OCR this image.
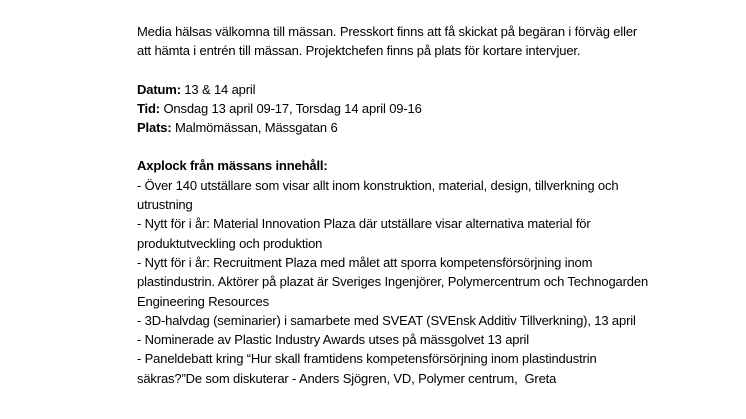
Media hälsas välkomna till mässan. Presskort finns att få skickat på begäran i förväg eller att hämta i entrén till mässan. Projektchefen finns på plats för kortare intervjuer.

Datum: 13 & 14 april

Tid: Onsdag 13 april 09-17, Torsdag 14 april 09-16

Plats: Malmömässan, Mässgatan 6

Axplock från mässans innehåll:

- Över 140 utställare som visar allt inom konstruktion, material, design, tillverkning och utrustning

- Nytt för i år: Material Innovation Plaza där utställare visar alternativa material för produktutveckling och produktion

- Nytt för i år: Recruitment Plaza med målet att sporra kompetensförsörjning inom plastindustrin. Aktörer på plazat är Sveriges Ingenjörer, Polymercentrum och Technogarden Engineering Resources

- 3D-halvdag (seminarier) i samarbete med SVEAT (SVEnsk Additiv Tillverkning), 13 april

- Nominerade av Plastic Industry Awards utses på mässgolvet 13 april

- Paneldebatt kring “Hur skall framtidens kompetensförsörjning inom plastindustrin säkras?”De som diskuterar - Anders Sjögren, VD, Polymer centrum,  Greta
